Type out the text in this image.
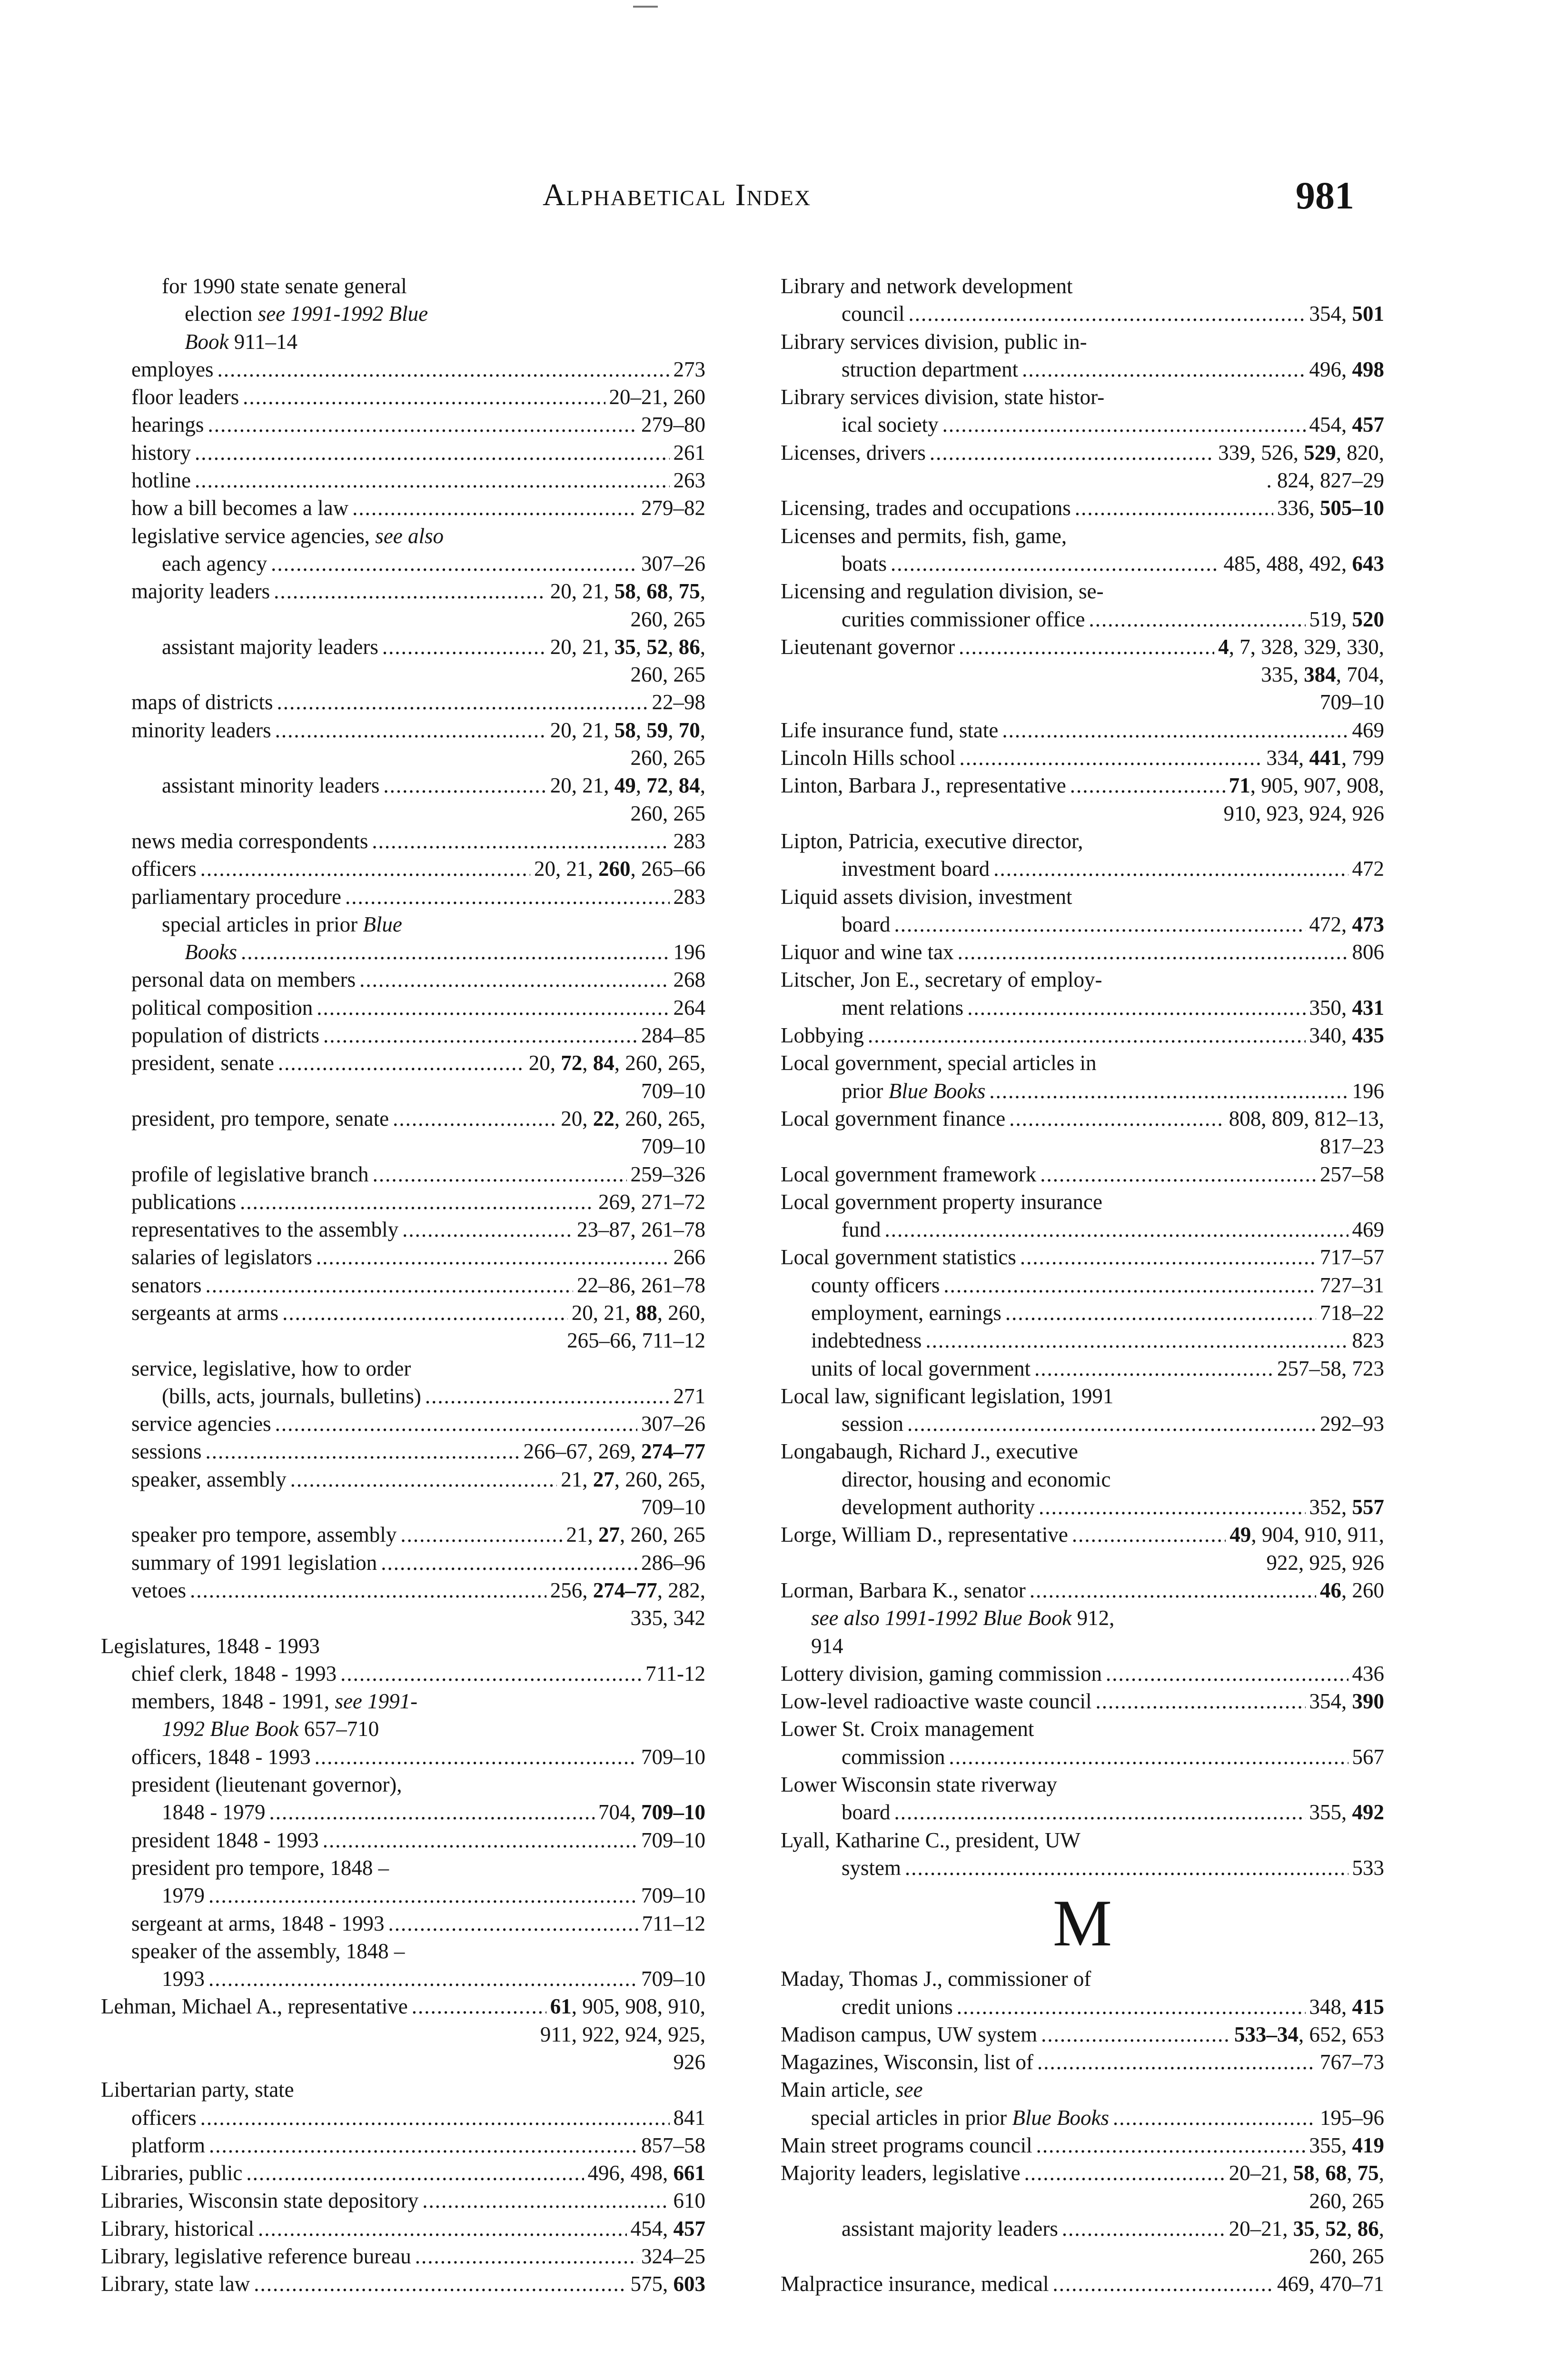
Alphabetical Index	981
for 1990 state senate general
election see 1991-1992 Blue
Book 911–14
employes .....	273
floor leaders .....	20–21, 260
hearings .....	279–80
history .....	261
hotline .....	263
how a bill becomes a law .....	279–82
legislative service agencies, see also
each agency .....	307–26
majority leaders .....	20, 21, 58, 68, 75,
260, 265
assistant majority leaders .....	20, 21, 35, 52, 86,
260, 265
maps of districts .....	22–98
minority leaders .....	20, 21, 58, 59, 70,
260, 265
assistant minority leaders .....	20, 21, 49, 72, 84,
260, 265
news media correspondents .....	283
officers .....	20, 21, 260, 265–66
parliamentary procedure .....	283
special articles in prior Blue
Books .....	196
personal data on members .....	268
political composition .....	264
population of districts .....	284–85
president, senate .....	20, 72, 84, 260, 265,
709–10
president, pro tempore, senate .....	20, 22, 260, 265,
709–10
profile of legislative branch .....	259–326
publications .....	269, 271–72
representatives to the assembly .....	23–87, 261–78
salaries of legislators .....	266
senators .....	22–86, 261–78
sergeants at arms .....	20, 21, 88, 260,
265–66, 711–12
service, legislative, how to order
(bills, acts, journals, bulletins) .....	271
service agencies .....	307–26
sessions .....	266–67, 269, 274–77
speaker, assembly .....	21, 27, 260, 265,
709–10
speaker pro tempore, assembly .....	21, 27, 260, 265
summary of 1991 legislation .....	286–96
vetoes .....	256, 274–77, 282,
335, 342
Legislatures, 1848 - 1993
chief clerk, 1848 - 1993 .....	711-12
members, 1848 - 1991, see 1991-
1992 Blue Book 657–710
officers, 1848 - 1993 .....	709–10
president (lieutenant governor),
1848 - 1979 .....	704, 709–10
president 1848 - 1993 .....	709–10
president pro tempore, 1848 –
1979 .....	709–10
sergeant at arms, 1848 - 1993 .....	711–12
speaker of the assembly, 1848 –
1993 .....	709–10
Lehman, Michael A., representative .....	61, 905, 908, 910,
911, 922, 924, 925,
926
Libertarian party, state
officers .....	841
platform .....	857–58
Libraries, public .....	496, 498, 661
Libraries, Wisconsin state depository .....	610
Library, historical .....	454, 457
Library, legislative reference bureau .....	324–25
Library, state law .....	575, 603
Library and network development
council .....	354, 501
Library services division, public in-
struction department .....	496, 498
Library services division, state histor-
ical society .....	454, 457
Licenses, drivers .....	339, 526, 529, 820,
. 824, 827–29
Licensing, trades and occupations .....	336, 505–10
Licenses and permits, fish, game,
boats .....	485, 488, 492, 643
Licensing and regulation division, se-
curities commissioner office .....	519, 520
Lieutenant governor .....	4, 7, 328, 329, 330,
335, 384, 704,
709–10
Life insurance fund, state .....	469
Lincoln Hills school .....	334, 441, 799
Linton, Barbara J., representative .....	71, 905, 907, 908,
910, 923, 924, 926
Lipton, Patricia, executive director,
investment board .....	472
Liquid assets division, investment
board .....	472, 473
Liquor and wine tax .....	806
Litscher, Jon E., secretary of employ-
ment relations .....	350, 431
Lobbying .....	340, 435
Local government, special articles in
prior Blue Books .....	196
Local government finance .....	808, 809, 812–13,
817–23
Local government framework .....	257–58
Local government property insurance
fund .....	469
Local government statistics .....	717–57
county officers .....	727–31
employment, earnings .....	718–22
indebtedness .....	823
units of local government .....	257–58, 723
Local law, significant legislation, 1991
session .....	292–93
Longabaugh, Richard J., executive
director, housing and economic
development authority .....	352, 557
Lorge, William D., representative .....	49, 904, 910, 911,
922, 925, 926
Lorman, Barbara K., senator .....	46, 260
see also 1991-1992 Blue Book 912,
914
Lottery division, gaming commission .....	436
Low-level radioactive waste council .....	354, 390
Lower St. Croix management
commission .....	567
Lower Wisconsin state riverway
board .....	355, 492
Lyall, Katharine C., president, UW
system .....	533
M
Maday, Thomas J., commissioner of
credit unions .....	348, 415
Madison campus, UW system .....	533–34, 652, 653
Magazines, Wisconsin, list of .....	767–73
Main article, see
special articles in prior Blue Books .....	195–96
Main street programs council .....	355, 419
Majority leaders, legislative .....	20–21, 58, 68, 75,
260, 265
assistant majority leaders .....	20–21, 35, 52, 86,
260, 265
Malpractice insurance, medical .....	469, 470–71
